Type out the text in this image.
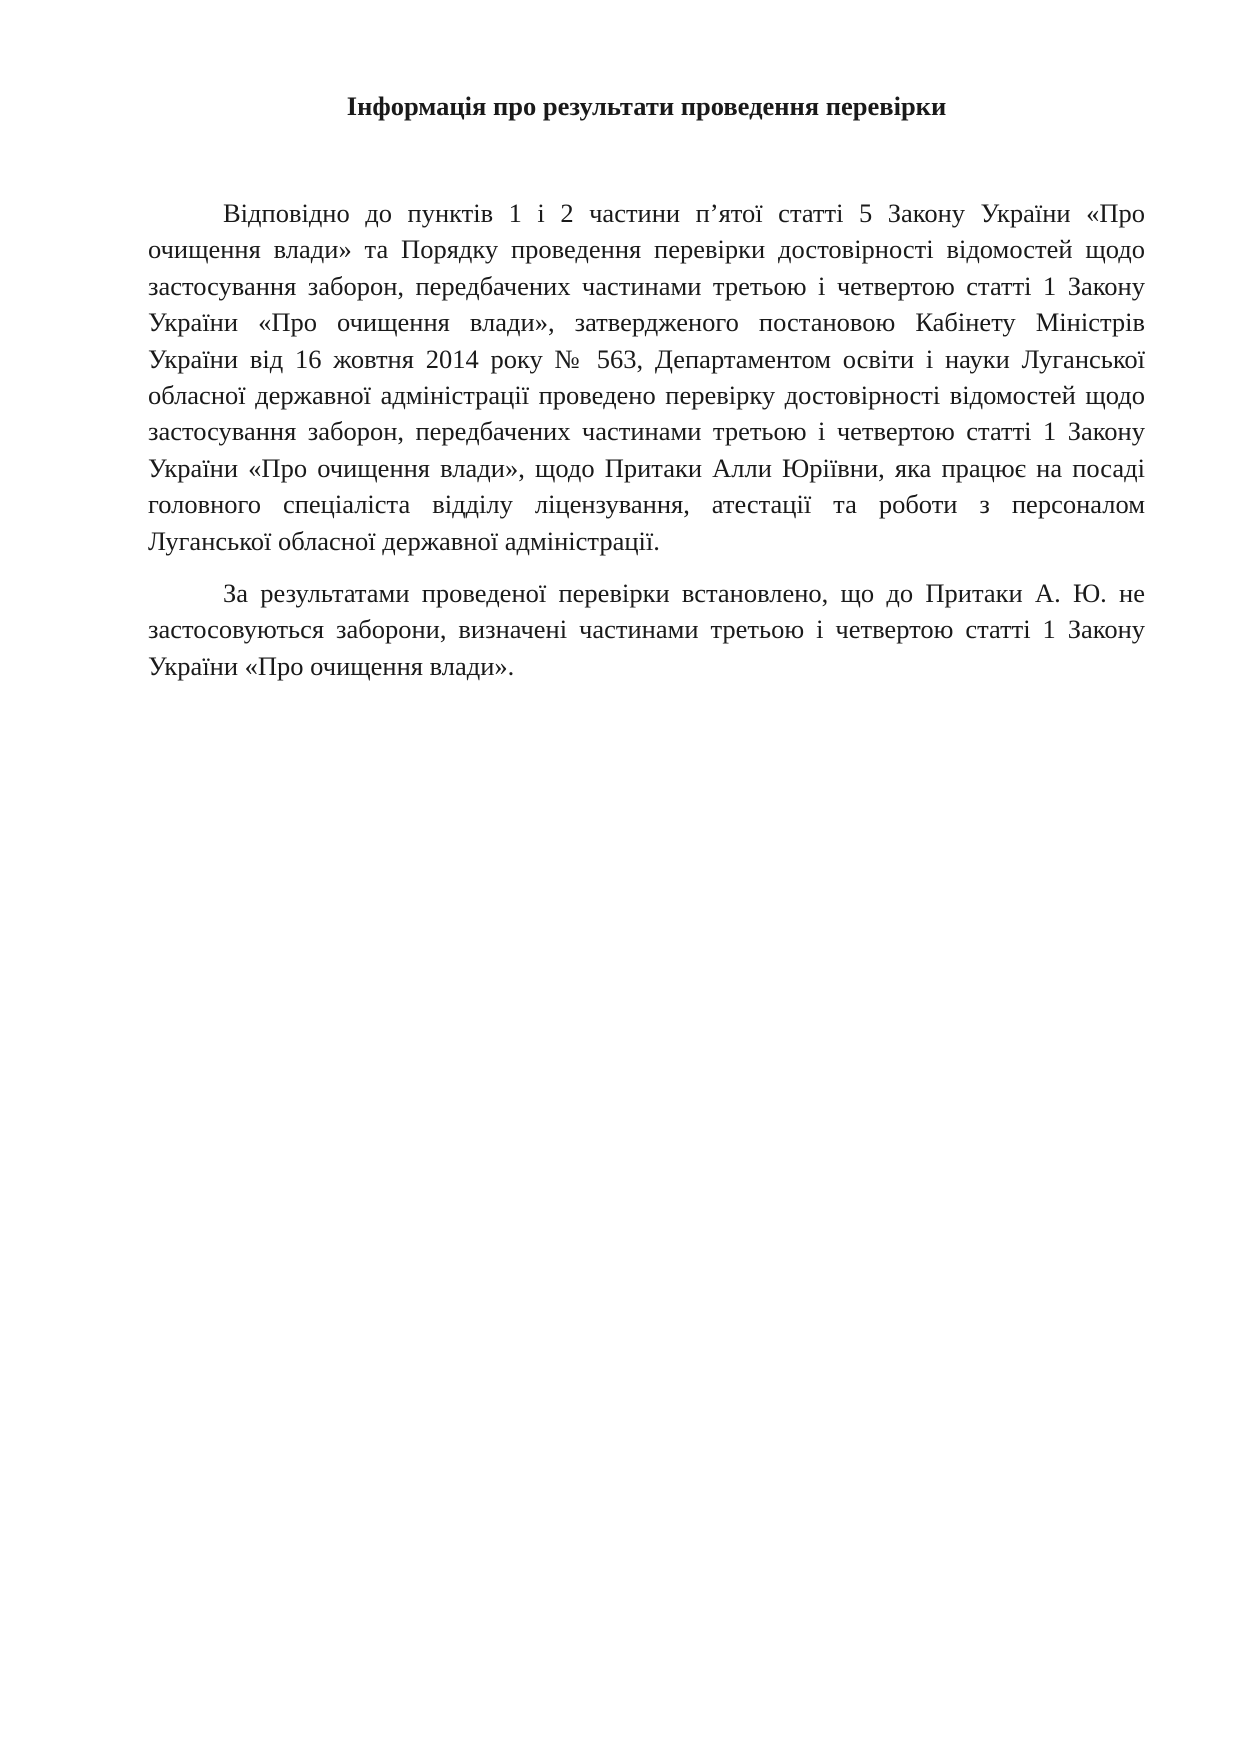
Інформація про результати проведення перевірки

Відповідно до пунктів 1 і 2 частини п’ятої статті 5 Закону України «Про очищення влади» та Порядку проведення перевірки достовірності відомостей щодо застосування заборон, передбачених частинами третьою і четвертою статті 1 Закону України «Про очищення влади», затвердженого постановою Кабінету Міністрів України від 16 жовтня 2014 року № 563, Департаментом освіти і науки Луганської обласної державної адміністрації проведено перевірку достовірності відомостей щодо застосування заборон, передбачених частинами третьою і четвертою статті 1 Закону України «Про очищення влади», щодо Притаки Алли Юріївни, яка працює на посаді головного спеціаліста відділу ліцензування, атестації та роботи з персоналом Луганської обласної державної адміністрації.

За результатами проведеної перевірки встановлено, що до Притаки А. Ю. не застосовуються заборони, визначені частинами третьою і четвертою статті 1 Закону України «Про очищення влади».
